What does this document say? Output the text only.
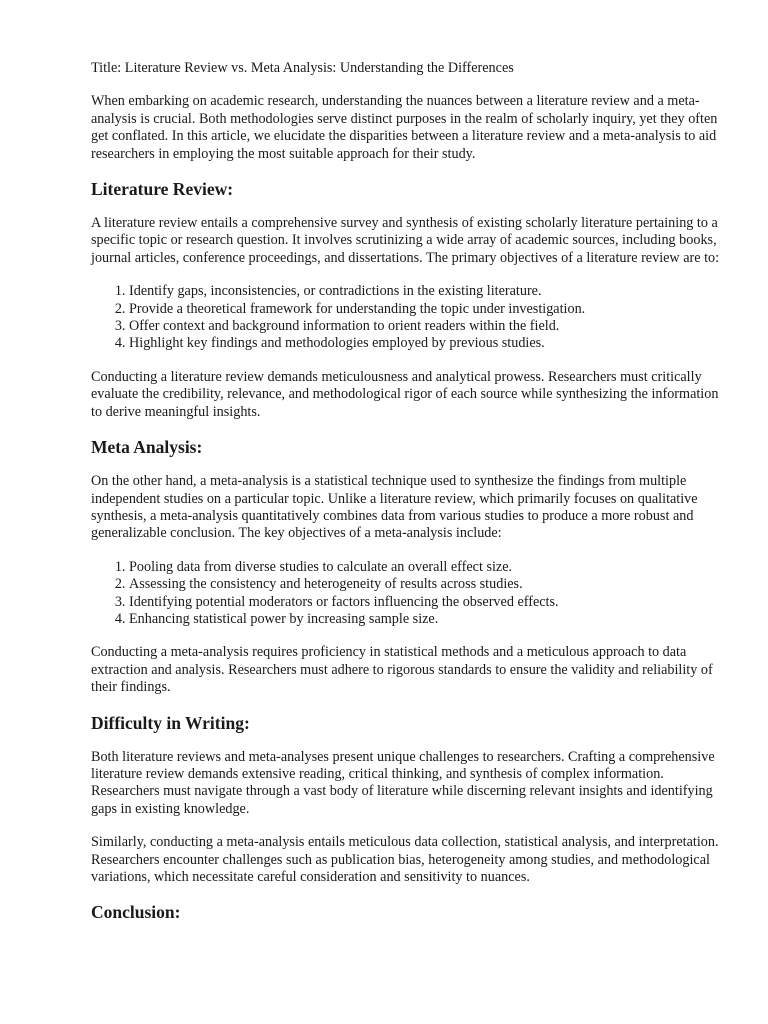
Title: Literature Review vs. Meta Analysis: Understanding the Differences

When embarking on academic research, understanding the nuances between a literature review and a meta-analysis is crucial. Both methodologies serve distinct purposes in the realm of scholarly inquiry, yet they often get conflated. In this article, we elucidate the disparities between a literature review and a meta-analysis to aid researchers in employing the most suitable approach for their study.

Literature Review:

A literature review entails a comprehensive survey and synthesis of existing scholarly literature pertaining to a specific topic or research question. It involves scrutinizing a wide array of academic sources, including books, journal articles, conference proceedings, and dissertations. The primary objectives of a literature review are to:

1. Identify gaps, inconsistencies, or contradictions in the existing literature.
2. Provide a theoretical framework for understanding the topic under investigation.
3. Offer context and background information to orient readers within the field.
4. Highlight key findings and methodologies employed by previous studies.

Conducting a literature review demands meticulousness and analytical prowess. Researchers must critically evaluate the credibility, relevance, and methodological rigor of each source while synthesizing the information to derive meaningful insights.

Meta Analysis:

On the other hand, a meta-analysis is a statistical technique used to synthesize the findings from multiple independent studies on a particular topic. Unlike a literature review, which primarily focuses on qualitative synthesis, a meta-analysis quantitatively combines data from various studies to produce a more robust and generalizable conclusion. The key objectives of a meta-analysis include:

1. Pooling data from diverse studies to calculate an overall effect size.
2. Assessing the consistency and heterogeneity of results across studies.
3. Identifying potential moderators or factors influencing the observed effects.
4. Enhancing statistical power by increasing sample size.

Conducting a meta-analysis requires proficiency in statistical methods and a meticulous approach to data extraction and analysis. Researchers must adhere to rigorous standards to ensure the validity and reliability of their findings.

Difficulty in Writing:

Both literature reviews and meta-analyses present unique challenges to researchers. Crafting a comprehensive literature review demands extensive reading, critical thinking, and synthesis of complex information. Researchers must navigate through a vast body of literature while discerning relevant insights and identifying gaps in existing knowledge.

Similarly, conducting a meta-analysis entails meticulous data collection, statistical analysis, and interpretation. Researchers encounter challenges such as publication bias, heterogeneity among studies, and methodological variations, which necessitate careful consideration and sensitivity to nuances.

Conclusion:
